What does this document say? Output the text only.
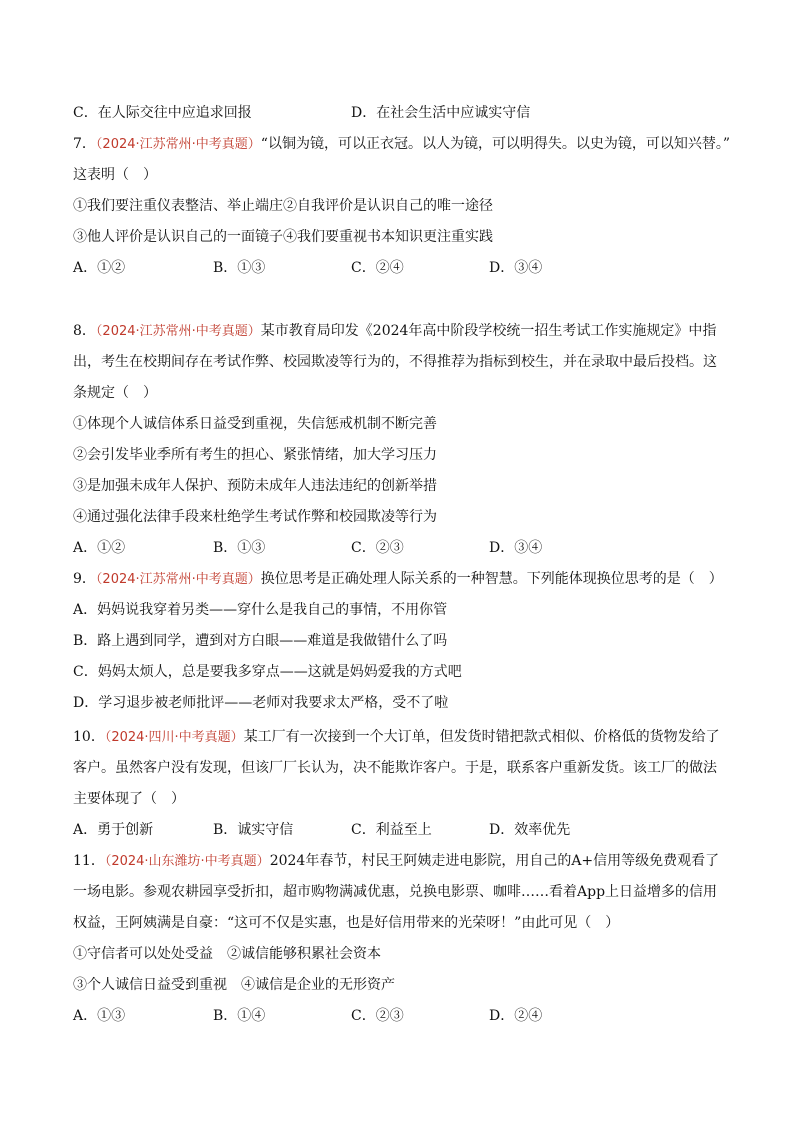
C．在人际交往中应追求回报	D．在社会生活中应诚实守信
7．（2024·江苏常州·中考真题）“以铜为镜，可以正衣冠。以人为镜，可以明得失。以史为镜，可以知兴替。”
这表明（　）
①我们要注重仪表整洁、举止端庄②自我评价是认识自己的唯一途径
③他人评价是认识自己的一面镜子④我们要重视书本知识更注重实践
A．①②	B．①③	C．②④	D．③④
8．（2024·江苏常州·中考真题）某市教育局印发《2024年高中阶段学校统一招生考试工作实施规定》中指
出，考生在校期间存在考试作弊、校园欺凌等行为的，不得推荐为指标到校生，并在录取中最后投档。这
条规定（　）
①体现个人诚信体系日益受到重视，失信惩戒机制不断完善
②会引发毕业季所有考生的担心、紧张情绪，加大学习压力
③是加强未成年人保护、预防未成年人违法违纪的创新举措
④通过强化法律手段来杜绝学生考试作弊和校园欺凌等行为
A．①②	B．①③	C．②③	D．③④
9．（2024·江苏常州·中考真题）换位思考是正确处理人际关系的一种智慧。下列能体现换位思考的是（　）
A．妈妈说我穿着另类——穿什么是我自己的事情，不用你管
B．路上遇到同学，遭到对方白眼——难道是我做错什么了吗
C．妈妈太烦人，总是要我多穿点——这就是妈妈爱我的方式吧
D．学习退步被老师批评——老师对我要求太严格，受不了啦
10．（2024·四川·中考真题）某工厂有一次接到一个大订单，但发货时错把款式相似、价格低的货物发给了
客户。虽然客户没有发现，但该厂厂长认为，决不能欺诈客户。于是，联系客户重新发货。该工厂的做法
主要体现了（　）
A．勇于创新	B．诚实守信	C．利益至上	D．效率优先
11．（2024·山东潍坊·中考真题）2024年春节，村民王阿姨走进电影院，用自己的A+信用等级免费观看了
一场电影。参观农耕园享受折扣，超市购物满减优惠，兑换电影票、咖啡……看着App上日益增多的信用
权益，王阿姨满是自豪：“这可不仅是实惠，也是好信用带来的光荣呀！”由此可见（　）
①守信者可以处处受益　②诚信能够积累社会资本
③个人诚信日益受到重视　④诚信是企业的无形资产
A．①③	B．①④	C．②③	D．②④
